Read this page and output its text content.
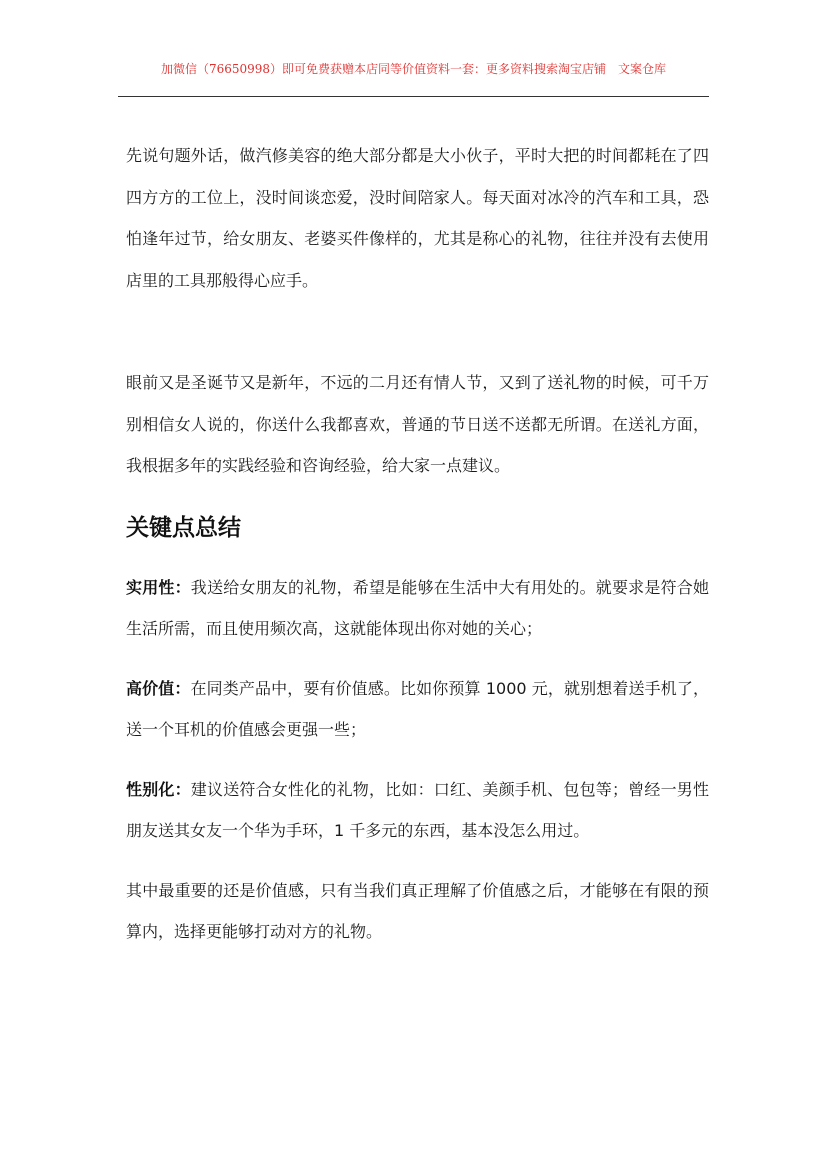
加微信（76650998）即可免费获赠本店同等价值资料一套：更多资料搜索淘宝店铺　文案仓库

先说句题外话，做汽修美容的绝大部分都是大小伙子，平时大把的时间都耗在了四四方方的工位上，没时间谈恋爱，没时间陪家人。每天面对冰冷的汽车和工具，恐怕逢年过节，给女朋友、老婆买件像样的，尤其是称心的礼物，往往并没有去使用店里的工具那般得心应手。

眼前又是圣诞节又是新年，不远的二月还有情人节，又到了送礼物的时候，可千万别相信女人说的，你送什么我都喜欢，普通的节日送不送都无所谓。在送礼方面，我根据多年的实践经验和咨询经验，给大家一点建议。

关键点总结

实用性：我送给女朋友的礼物，希望是能够在生活中大有用处的。就要求是符合她生活所需，而且使用频次高，这就能体现出你对她的关心；

高价值：在同类产品中，要有价值感。比如你预算 1000 元，就别想着送手机了，送一个耳机的价值感会更强一些；

性别化：建议送符合女性化的礼物，比如：口红、美颜手机、包包等；曾经一男性朋友送其女友一个华为手环，1 千多元的东西，基本没怎么用过。

其中最重要的还是价值感，只有当我们真正理解了价值感之后，才能够在有限的预算内，选择更能够打动对方的礼物。
